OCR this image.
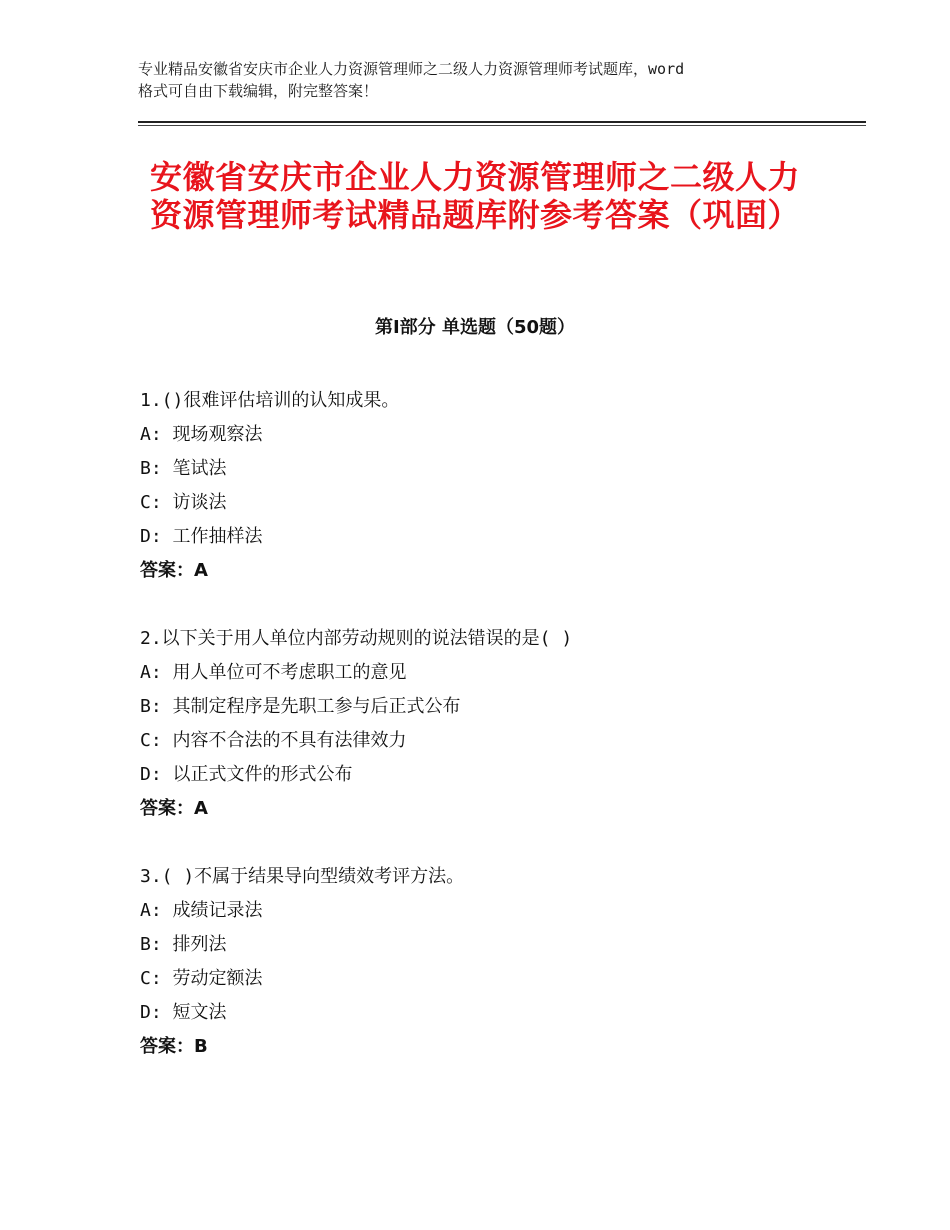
专业精品安徽省安庆市企业人力资源管理师之二级人力资源管理师考试题库，word
格式可自由下载编辑，附完整答案！
安徽省安庆市企业人力资源管理师之二级人力资源管理师考试精品题库附参考答案（巩固）
第Ⅰ部分 单选题（50题）
1.()很难评估培训的认知成果。
A: 现场观察法
B: 笔试法
C: 访谈法
D: 工作抽样法
答案：A
2.以下关于用人单位内部劳动规则的说法错误的是( )
A: 用人单位可不考虑职工的意见
B: 其制定程序是先职工参与后正式公布
C: 内容不合法的不具有法律效力
D: 以正式文件的形式公布
答案：A
3.( )不属于结果导向型绩效考评方法。
A: 成绩记录法
B: 排列法
C: 劳动定额法
D: 短文法
答案：B
